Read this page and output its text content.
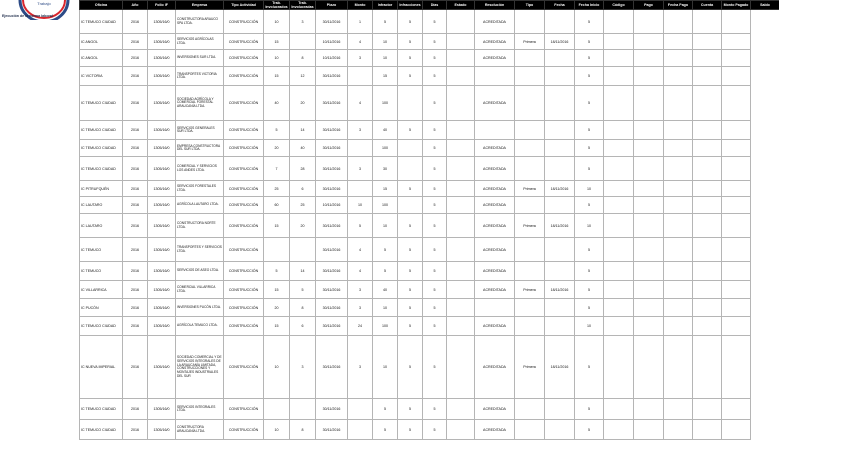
Trabajo
Ejecución de la norma laboral
Oficina	Año	Folio IF	Empresa	Tipo Actividad	Trab. Involucrados	Trab. Involucradas	Plazo	Monto	Infractor	Infracciones	Días	Estado	Resolución	Tipo	Fecha	Fecha Inicio	Código	Pago	Fecha Pago	Cuenta	Monto Pagado	Saldo
IC TEMUCO CIUDAD	2016	1305/16/0	CONSTRUCTORA ARAUCO SPA LTDA.	CONSTRUCCIÓN	10	3	30/11/2016	1	5	5	5		ACREDITADA			5						
IC ANGOL	2016	1305/16/0	SERVICIOS AGRÍCOLAS LTDA.	CONSTRUCCIÓN	15		10/11/2016	4	10	5	5		ACREDITADA	Primera	18/11/2016	5						
IC ANGOL	2016	1305/16/0	INVERSIONES SUR LTDA.	CONSTRUCCIÓN	10	8	10/11/2016	3	10	5	5		ACREDITADA			5						
IC VICTORIA	2016	1305/16/0	TRANSPORTES VICTORIA LTDA.	CONSTRUCCIÓN	15	12	30/11/2016		15	5	5					5						
IC TEMUCO CIUDAD	2016	1305/16/0	SOCIEDAD AGRÍCOLA Y COMERCIAL FORESTAL ARAUCANÍA LTDA.	CONSTRUCCIÓN	40	20	30/11/2016	4	100		5		ACREDITADA			5						
IC TEMUCO CIUDAD	2016	1305/16/0	SERVICIOS GENERALES SUR LTDA.	CONSTRUCCIÓN	5	14	30/11/2016	3	40	5	5					5						
IC TEMUCO CIUDAD	2016	1305/16/0	EMPRESA CONSTRUCTORA DEL SUR LTDA.	CONSTRUCCIÓN	20	40	30/11/2016		100		5		ACREDITADA			5						
IC TEMUCO CIUDAD	2016	1305/16/0	COMERCIAL Y SERVICIOS LOS ANDES LTDA.	CONSTRUCCIÓN	7	28	30/11/2016	3	30		5		ACREDITADA			5						
IC PITRUFQUÉN	2016	1305/16/0	SERVICIOS FORESTALES LTDA.	CONSTRUCCIÓN	25	6	30/11/2016		15	5	5		ACREDITADA	Primera	18/11/2016	10						
IC LAUTARO	2016	1305/16/0	AGRÍCOLA LAUTARO LTDA.	CONSTRUCCIÓN	60	25	10/11/2016	10	100		5		ACREDITADA			5						
IC LAUTARO	2016	1305/16/0	CONSTRUCTORA NORTE LTDA.	CONSTRUCCIÓN	15	20	30/11/2016	5	10	5	5		ACREDITADA	Primera	18/11/2016	10						
IC TEMUCO	2016	1305/16/0	TRANSPORTES Y SERVICIOS LTDA.	CONSTRUCCIÓN			30/11/2016	4	5	5	5		ACREDITADA			5						
IC TEMUCO	2016	1305/16/0	SERVICIOS DE ASEO LTDA.	CONSTRUCCIÓN	5	14	30/11/2016	4	5	5	5		ACREDITADA			5						
IC VILLARRICA	2016	1305/16/0	COMERCIAL VILLARRICA LTDA.	CONSTRUCCIÓN	15	5	30/11/2016	3	40	5	5		ACREDITADA	Primera	18/11/2016	5						
IC PUCÓN	2016	1305/16/0	INVERSIONES PUCÓN LTDA.	CONSTRUCCIÓN	20	8	30/11/2016	3	10	5	5					5						
IC TEMUCO CIUDAD	2016	1305/16/0	AGRÍCOLA TEMUCO LTDA.	CONSTRUCCIÓN	15	6	30/11/2016	24	100	5	5		ACREDITADA			10						
IC NUEVA IMPERIAL	2016	1305/16/0	SOCIEDAD COMERCIAL Y DE SERVICIOS INTEGRALES DE LA ARAUCANÍA LIMITADA, CONSTRUCCIONES Y MONTAJES INDUSTRIALES DEL SUR	CONSTRUCCIÓN	10	3	30/11/2016	3	10	5	5		ACREDITADA	Primera	18/11/2016	5						
IC TEMUCO CIUDAD	2016	1305/16/0	SERVICIOS INTEGRALES LTDA.	CONSTRUCCIÓN			30/11/2016		5	5	5		ACREDITADA			5						
IC TEMUCO CIUDAD	2016	1305/16/0	CONSTRUCTORA ARAUCANÍA LTDA.	CONSTRUCCIÓN	10	8	30/11/2016		5	5	5		ACREDITADA			5						
